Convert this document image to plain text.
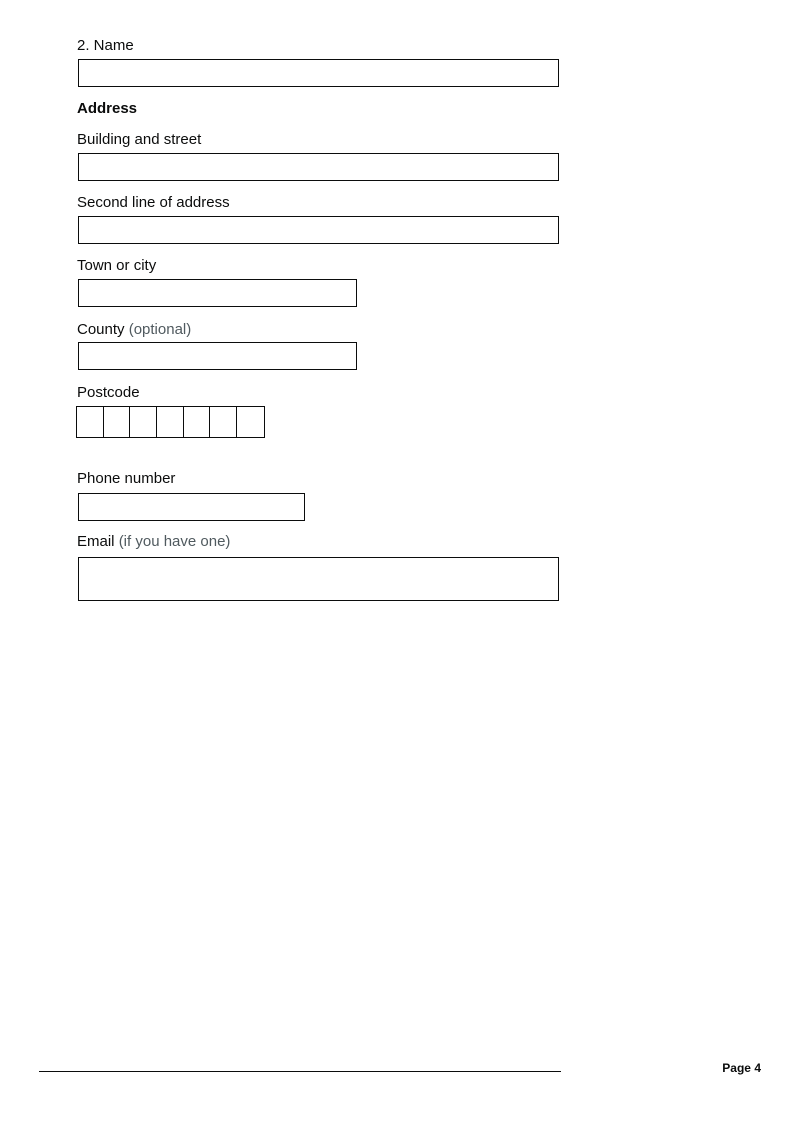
2. Name
Address
Building and street
Second line of address
Town or city
County (optional)
Postcode
Phone number
Email (if you have one)
Page 4
